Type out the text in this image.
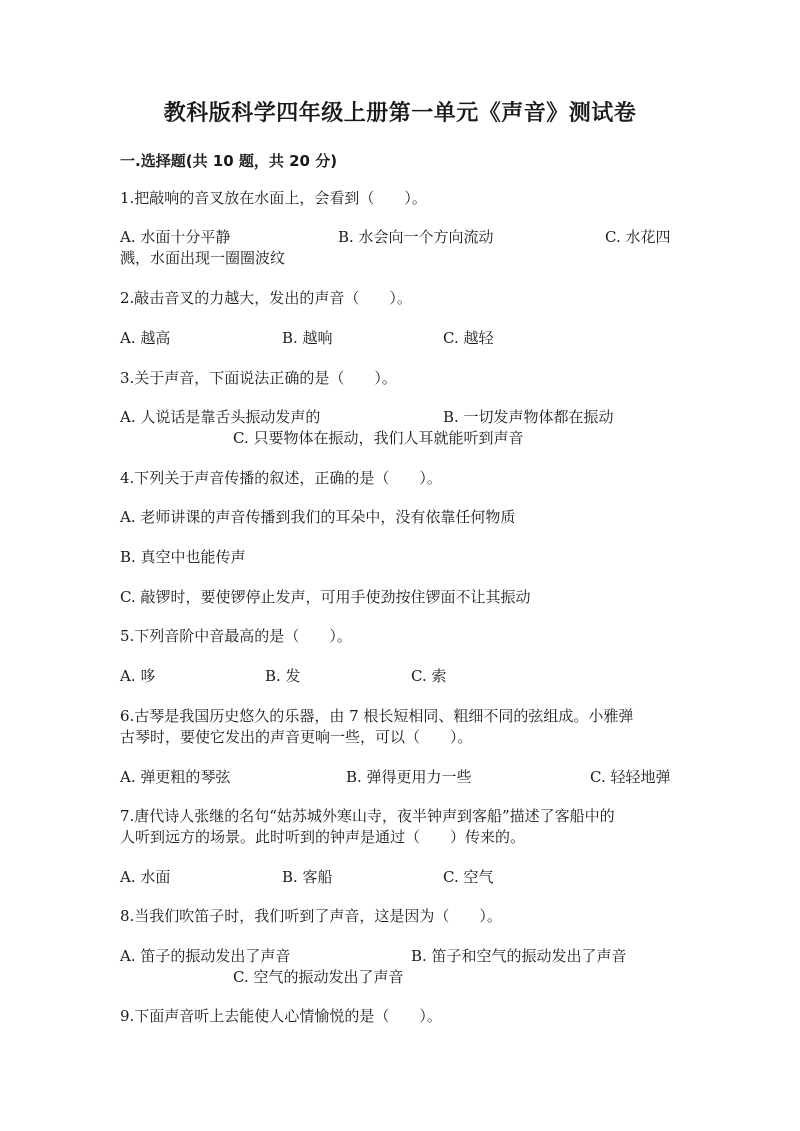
教科版科学四年级上册第一单元《声音》测试卷
一.选择题(共 10 题，共 20 分)
1.把敲响的音叉放在水面上，会看到（　　）。
A. 水面十分平静	B. 水会向一个方向流动	C. 水花四
溅，水面出现一圈圈波纹
2.敲击音叉的力越大，发出的声音（　　）。
A. 越高	B. 越响	C. 越轻
3.关于声音，下面说法正确的是（　　）。
A. 人说话是靠舌头振动发声的	B. 一切发声物体都在振动
C. 只要物体在振动，我们人耳就能听到声音
4.下列关于声音传播的叙述，正确的是（　　）。
A. 老师讲课的声音传播到我们的耳朵中，没有依靠任何物质
B. 真空中也能传声
C. 敲锣时，要使锣停止发声，可用手使劲按住锣面不让其振动
5.下列音阶中音最高的是（　　）。
A. 哆	B. 发	C. 索
6.古琴是我国历史悠久的乐器，由 7 根长短相同、粗细不同的弦组成。小雅弹
古琴时，要使它发出的声音更响一些，可以（　　）。
A. 弹更粗的琴弦	B. 弹得更用力一些	C. 轻轻地弹
7.唐代诗人张继的名句“姑苏城外寒山寺，夜半钟声到客船”描述了客船中的
人听到远方的场景。此时听到的钟声是通过（　　）传来的。
A. 水面	B. 客船	C. 空气
8.当我们吹笛子时，我们听到了声音，这是因为（　　）。
A. 笛子的振动发出了声音	B. 笛子和空气的振动发出了声音
C. 空气的振动发出了声音
9.下面声音听上去能使人心情愉悦的是（　　）。
